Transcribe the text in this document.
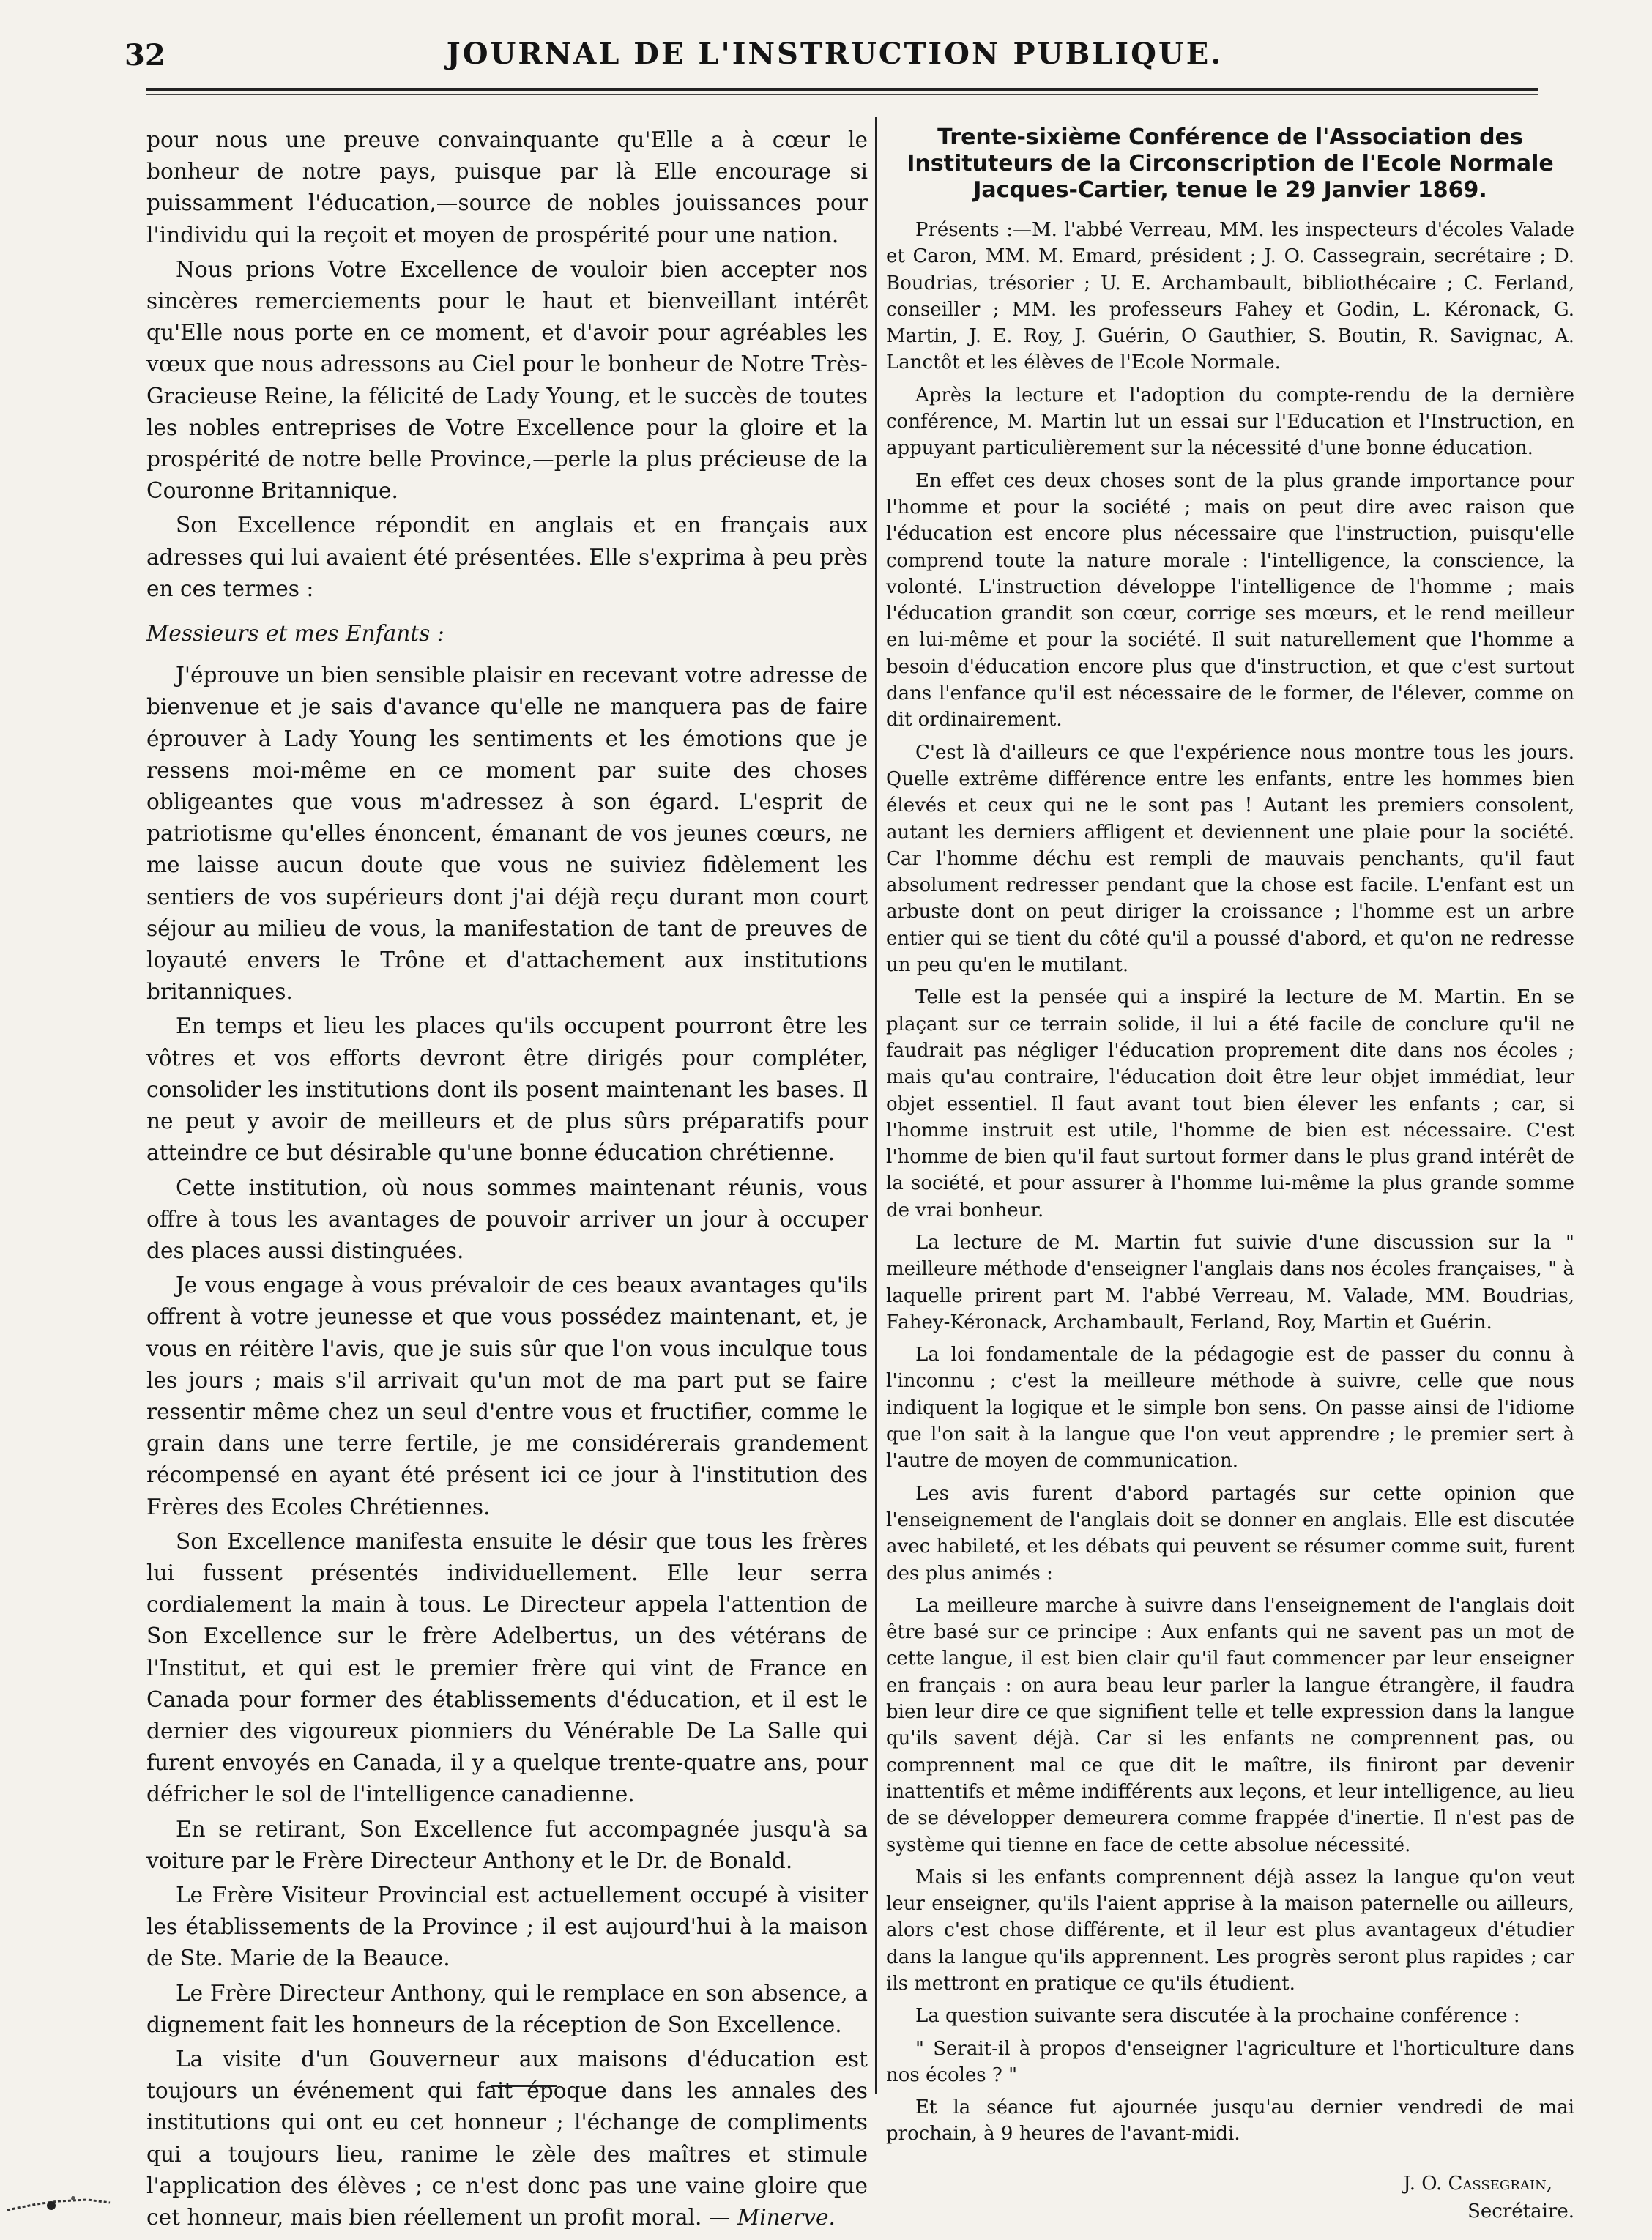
32	JOURNAL DE L'INSTRUCTION PUBLIQUE.

pour nous une preuve convainquante qu'Elle a à cœur le bonheur de notre pays, puisque par là Elle encourage si puissamment l'éducation,—source de nobles jouissances pour l'individu qui la reçoit et moyen de prospérité pour une nation.

Nous prions Votre Excellence de vouloir bien accepter nos sincères remerciements pour le haut et bienveillant intérêt qu'Elle nous porte en ce moment, et d'avoir pour agréables les vœux que nous adressons au Ciel pour le bonheur de Notre Très-Gracieuse Reine, la félicité de Lady Young, et le succès de toutes les nobles entreprises de Votre Excellence pour la gloire et la prospérité de notre belle Province,—perle la plus précieuse de la Couronne Britannique.

Son Excellence répondit en anglais et en français aux adresses qui lui avaient été présentées. Elle s'exprima à peu près en ces termes :

Messieurs et mes Enfants :

J'éprouve un bien sensible plaisir en recevant votre adresse de bienvenue et je sais d'avance qu'elle ne manquera pas de faire éprouver à Lady Young les sentiments et les émotions que je ressens moi-même en ce moment par suite des choses obligeantes que vous m'adressez à son égard. L'esprit de patriotisme qu'elles énoncent, émanant de vos jeunes cœurs, ne me laisse aucun doute que vous ne suiviez fidèlement les sentiers de vos supérieurs dont j'ai déjà reçu durant mon court séjour au milieu de vous, la manifestation de tant de preuves de loyauté envers le Trône et d'attachement aux institutions britanniques.

En temps et lieu les places qu'ils occupent pourront être les vôtres et vos efforts devront être dirigés pour compléter, consolider les institutions dont ils posent maintenant les bases. Il ne peut y avoir de meilleurs et de plus sûrs préparatifs pour atteindre ce but désirable qu'une bonne éducation chrétienne.

Cette institution, où nous sommes maintenant réunis, vous offre à tous les avantages de pouvoir arriver un jour à occuper des places aussi distinguées.

Je vous engage à vous prévaloir de ces beaux avantages qu'ils offrent à votre jeunesse et que vous possédez maintenant, et, je vous en réitère l'avis, que je suis sûr que l'on vous inculque tous les jours ; mais s'il arrivait qu'un mot de ma part put se faire ressentir même chez un seul d'entre vous et fructifier, comme le grain dans une terre fertile, je me considérerais grandement récompensé en ayant été présent ici ce jour à l'institution des Frères des Ecoles Chrétiennes.

Son Excellence manifesta ensuite le désir que tous les frères lui fussent présentés individuellement. Elle leur serra cordialement la main à tous. Le Directeur appela l'attention de Son Excellence sur le frère Adelbertus, un des vétérans de l'Institut, et qui est le premier frère qui vint de France en Canada pour former des établissements d'éducation, et il est le dernier des vigoureux pionniers du Vénérable De La Salle qui furent envoyés en Canada, il y a quelque trente-quatre ans, pour défricher le sol de l'intelligence canadienne.

En se retirant, Son Excellence fut accompagnée jusqu'à sa voiture par le Frère Directeur Anthony et le Dr. de Bonald.

Le Frère Visiteur Provincial est actuellement occupé à visiter les établissements de la Province ; il est aujourd'hui à la maison de Ste. Marie de la Beauce.

Le Frère Directeur Anthony, qui le remplace en son absence, a dignement fait les honneurs de la réception de Son Excellence.

La visite d'un Gouverneur aux maisons d'éducation est toujours un événement qui fait époque dans les annales des institutions qui ont eu cet honneur ; l'échange de compliments qui a toujours lieu, ranime le zèle des maîtres et stimule l'application des élèves ; ce n'est donc pas une vaine gloire que cet honneur, mais bien réellement un profit moral. — Minerve.

Trente-sixième Conférence de l'Association des Instituteurs de la Circonscription de l'Ecole Normale Jacques-Cartier, tenue le 29 Janvier 1869.

Présents :—M. l'abbé Verreau, MM. les inspecteurs d'écoles Valade et Caron, MM. M. Emard, président ; J. O. Cassegrain, secrétaire ; D. Boudrias, trésorier ; U. E. Archambault, bibliothécaire ; C. Ferland, conseiller ; MM. les professeurs Fahey et Godin, L. Kéronack, G. Martin, J. E. Roy, J. Guérin, O Gauthier, S. Boutin, R. Savignac, A. Lanctôt et les élèves de l'Ecole Normale.

Après la lecture et l'adoption du compte-rendu de la dernière conférence, M. Martin lut un essai sur l'Education et l'Instruction, en appuyant particulièrement sur la nécessité d'une bonne éducation.

En effet ces deux choses sont de la plus grande importance pour l'homme et pour la société ; mais on peut dire avec raison que l'éducation est encore plus nécessaire que l'instruction, puisqu'elle comprend toute la nature morale : l'intelligence, la conscience, la volonté. L'instruction développe l'intelligence de l'homme ; mais l'éducation grandit son cœur, corrige ses mœurs, et le rend meilleur en lui-même et pour la société. Il suit naturellement que l'homme a besoin d'éducation encore plus que d'instruction, et que c'est surtout dans l'enfance qu'il est nécessaire de le former, de l'élever, comme on dit ordinairement.

C'est là d'ailleurs ce que l'expérience nous montre tous les jours. Quelle extrême différence entre les enfants, entre les hommes bien élevés et ceux qui ne le sont pas ! Autant les premiers consolent, autant les derniers affligent et deviennent une plaie pour la société. Car l'homme déchu est rempli de mauvais penchants, qu'il faut absolument redresser pendant que la chose est facile. L'enfant est un arbuste dont on peut diriger la croissance ; l'homme est un arbre entier qui se tient du côté qu'il a poussé d'abord, et qu'on ne redresse un peu qu'en le mutilant.

Telle est la pensée qui a inspiré la lecture de M. Martin. En se plaçant sur ce terrain solide, il lui a été facile de conclure qu'il ne faudrait pas négliger l'éducation proprement dite dans nos écoles ; mais qu'au contraire, l'éducation doit être leur objet immédiat, leur objet essentiel. Il faut avant tout bien élever les enfants ; car, si l'homme instruit est utile, l'homme de bien est nécessaire. C'est l'homme de bien qu'il faut surtout former dans le plus grand intérêt de la société, et pour assurer à l'homme lui-même la plus grande somme de vrai bonheur.

La lecture de M. Martin fut suivie d'une discussion sur la " meilleure méthode d'enseigner l'anglais dans nos écoles françaises, " à laquelle prirent part M. l'abbé Verreau, M. Valade, MM. Boudrias, Fahey-Kéronack, Archambault, Ferland, Roy, Martin et Guérin.

La loi fondamentale de la pédagogie est de passer du connu à l'inconnu ; c'est la meilleure méthode à suivre, celle que nous indiquent la logique et le simple bon sens. On passe ainsi de l'idiome que l'on sait à la langue que l'on veut apprendre ; le premier sert à l'autre de moyen de communication.

Les avis furent d'abord partagés sur cette opinion que l'enseignement de l'anglais doit se donner en anglais. Elle est discutée avec habileté, et les débats qui peuvent se résumer comme suit, furent des plus animés :

La meilleure marche à suivre dans l'enseignement de l'anglais doit être basé sur ce principe : Aux enfants qui ne savent pas un mot de cette langue, il est bien clair qu'il faut commencer par leur enseigner en français : on aura beau leur parler la langue étrangère, il faudra bien leur dire ce que signifient telle et telle expression dans la langue qu'ils savent déjà. Car si les enfants ne comprennent pas, ou comprennent mal ce que dit le maître, ils finiront par devenir inattentifs et même indifférents aux leçons, et leur intelligence, au lieu de se développer demeurera comme frappée d'inertie. Il n'est pas de système qui tienne en face de cette absolue nécessité.

Mais si les enfants comprennent déjà assez la langue qu'on veut leur enseigner, qu'ils l'aient apprise à la maison paternelle ou ailleurs, alors c'est chose différente, et il leur est plus avantageux d'étudier dans la langue qu'ils apprennent. Les progrès seront plus rapides ; car ils mettront en pratique ce qu'ils étudient.

La question suivante sera discutée à la prochaine conférence :

" Serait-il à propos d'enseigner l'agriculture et l'horticulture dans nos écoles ? "

Et la séance fut ajournée jusqu'au dernier vendredi de mai prochain, à 9 heures de l'avant-midi.

J. O. Cassegrain,
Secrétaire.
